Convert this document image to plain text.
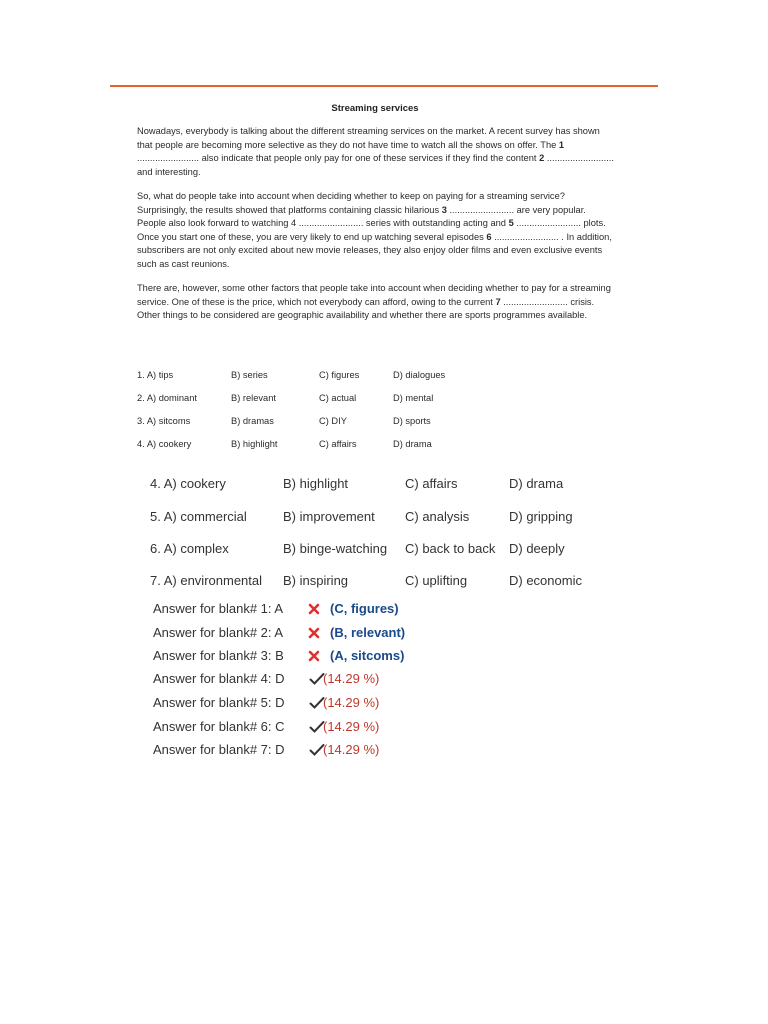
Streaming services

Nowadays, everybody is talking about the different streaming services on the market. A recent survey has shown that people are becoming more selective as they do not have time to watch all the shows on offer. The 1 ........................ also indicate that people only pay for one of these services if they find the content 2 .......................... and interesting.

So, what do people take into account when deciding whether to keep on paying for a streaming service? Surprisingly, the results showed that platforms containing classic hilarious 3 ......................... are very popular. People also look forward to watching 4 ......................... series with outstanding acting and 5 ......................... plots. Once you start one of these, you are very likely to end up watching several episodes 6 ......................... . In addition, subscribers are not only excited about new movie releases, they also enjoy older films and even exclusive events such as cast reunions.

There are, however, some other factors that people take into account when deciding whether to pay for a streaming service. One of these is the price, which not everybody can afford, owing to the current 7 ......................... crisis. Other things to be considered are geographic availability and whether there are sports programmes available.

1. A) tips	B) series	C) figures	D) dialogues
2. A) dominant	B) relevant	C) actual	D) mental
3. A) sitcoms	B) dramas	C) DIY	D) sports
4. A) cookery	B) highlight	C) affairs	D) drama
4. A) cookery	B) highlight	C) affairs	D) drama
5. A) commercial	B) improvement C) analysis	D) gripping
6. A) complex	B) binge-watching C) back to back D) deeply
7. A) environmental B) inspiring	C) uplifting	D) economic
Answer for blank# 1: A	(C, figures)
Answer for blank# 2: A	(B, relevant)
Answer for blank# 3: B	(A, sitcoms)
Answer for blank# 4: D	(14.29 %)
Answer for blank# 5: D	(14.29 %)
Answer for blank# 6: C	(14.29 %)
Answer for blank# 7: D	(14.29 %)
